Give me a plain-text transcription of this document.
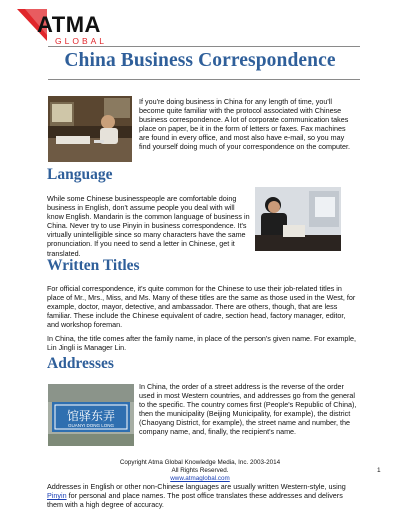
ATMA
GLOBAL
China Business Correspondence

If you're doing business in China for any length of time, you'll become quite familiar with the protocol associated with Chinese business correspondence. A lot of corporate communication takes place on paper, be it in the form of letters or faxes. Fax machines are found in every office, and most also have e-mail, so you may find yourself doing much of your correspondence on the computer.

Language

While some Chinese businesspeople are comfortable doing business in English, don't assume people you deal with will know English. Mandarin is the common language of business in China. Never try to use Pinyin in business correspondence. It's virtually unintelligible since so many characters have the same pronunciation. If you need to send a letter in Chinese, get it translated.

Written Titles

For official correspondence, it's quite common for the Chinese to use their job-related titles in place of Mr., Mrs., Miss, and Ms. Many of these titles are the same as those used in the West, for example, doctor, mayor, detective, and ambassador. There are others, though, that are less familiar. These include the Chinese equivalent of cadre, section head, factory manager, editor, and workshop foreman.

In China, the title comes after the family name, in place of the person's given name. For example, Lin Jingli is Manager Lin.

Addresses
馆驿东弄
GUANYI DONG LONG

In China, the order of a street address is the reverse of the order used in most Western countries, and addresses go from the general to the specific. The country comes first (People's Republic of China), then the municipality (Beijing Municipality, for example), the district (Chaoyang District, for example), the street name and number, the company name, and, finally, the recipient's name.

Copyright Atma Global Knowledge Media, Inc. 2003-2014
All Rights Reserved.
www.atmaglobal.com
1

Addresses in English or other non-Chinese languages are usually written Western-style, using Pinyin for personal and place names. The post office translates these addresses and delivers them with a high degree of accuracy.
